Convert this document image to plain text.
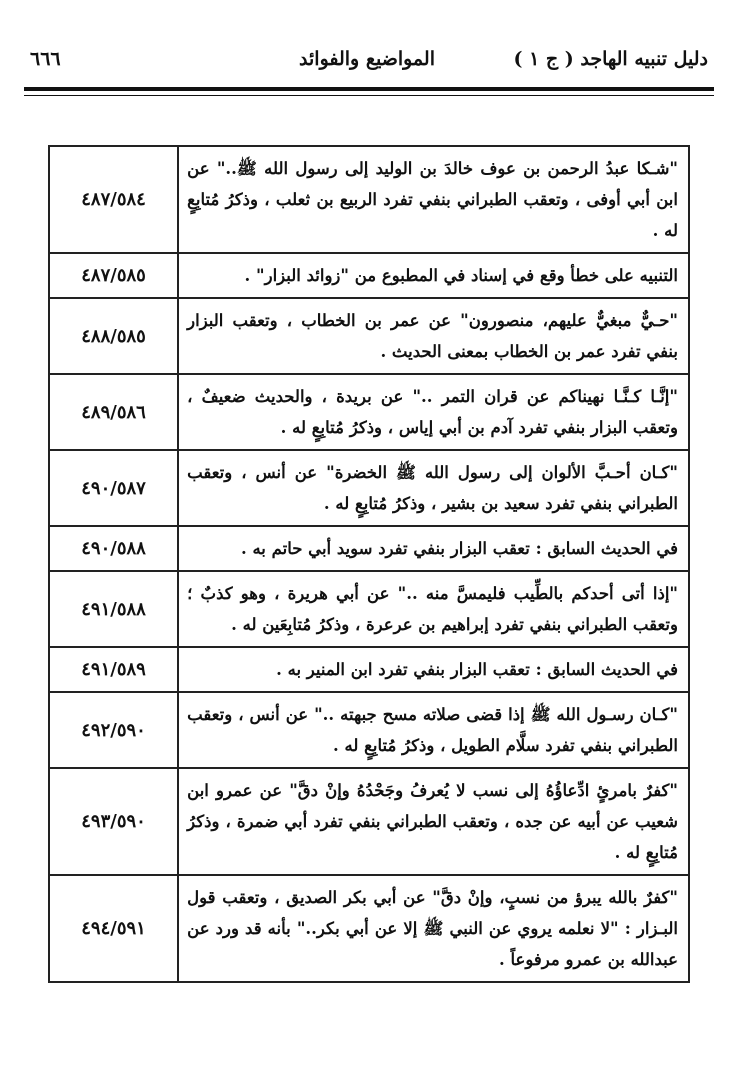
دليل تنبيه الهاجد ( ج ١ )
المواضيع والفوائد
٦٦٦
"شـكا عبدُ الرحمن بن عوف خالدَ بن الوليد إلى رسول الله ﷺ.." عن ابن أبي أوفى ، وتعقب الطبراني بنفي تفرد الربيع بن ثعلب ، وذكرُ مُتابِعٍ له .	٤٨٧/٥٨٤
التنبيه على خطأ وقع في إسناد في المطبوع من "زوائد البزار" .	٤٨٧/٥٨٥
"حـيٌّ مبغيٌّ عليهم، منصورون" عن عمر بن الخطاب ، وتعقب البزار بنفي تفرد عمر بن الخطاب بمعنى الحديث .	٤٨٨/٥٨٥
"إنَّـا كـنَّـا نهيناكم عن قران التمر .." عن بريدة ، والحديث ضعيفٌ ، وتعقب البزار بنفي تفرد آدم بن أبي إياس ، وذكرُ مُتابِعٍ له .	٤٨٩/٥٨٦
"كـان أحـبَّ الألوان إلى رسول الله ﷺ الخضرة" عن أنس ، وتعقب الطبراني بنفي تفرد سعيد بن بشير ، وذكرُ مُتابِعٍ له .	٤٩٠/٥٨٧
في الحديث السابق : تعقب البزار بنفي تفرد سويد أبي حاتم به .	٤٩٠/٥٨٨
"إذا أتى أحدكم بالطِّيب فليمسَّ منه .." عن أبي هريرة ، وهو كذبٌ ؛ وتعقب الطبراني بنفي تفرد إبراهيم بن عرعرة ، وذكرُ مُتابِعَين له .	٤٩١/٥٨٨
في الحديث السابق : تعقب البزار بنفي تفرد ابن المنير به .	٤٩١/٥٨٩
"كـان رسـول الله ﷺ إذا قضى صلاته مسح جبهته .." عن أنس ، وتعقب الطبراني بنفي تفرد سلَّام الطويل ، وذكرُ مُتابِعٍ له .	٤٩٢/٥٩٠
"كفرٌ بامرئٍ ادِّعاؤُهُ إلى نسب لا يُعرفُ وجَحْدُهُ وإنْ دقَّ" عن عمرو ابن شعيب عن أبيه عن جده ، وتعقب الطبراني بنفي تفرد أبي ضمرة ، وذكرُ مُتابِعٍ له .	٤٩٣/٥٩٠
"كفرٌ بالله يبرؤ من نسبٍ، وإنْ دقَّ" عن أبي بكر الصديق ، وتعقب قول البـزار : "لا نعلمه يروي عن النبي ﷺ إلا عن أبي بكر.." بأنه قد ورد عن عبدالله بن عمرو مرفوعاً .	٤٩٤/٥٩١
